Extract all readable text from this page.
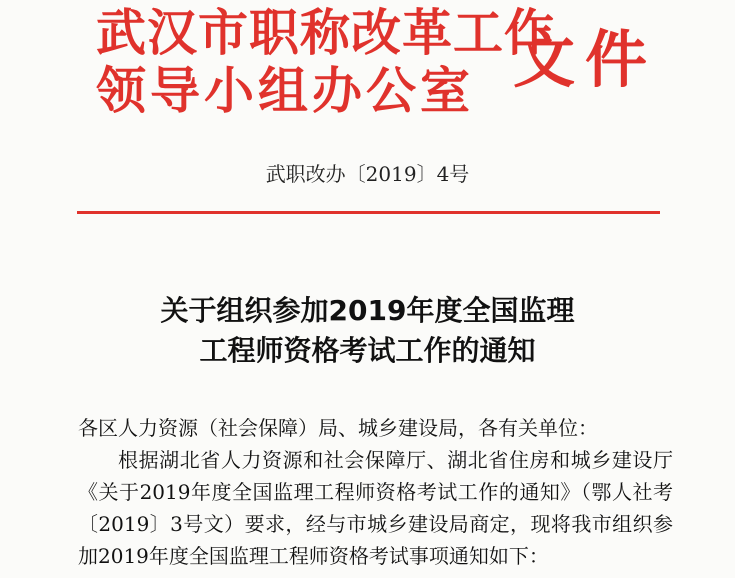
武汉市职称改革工作
领导小组办公室 文件
武职改办〔2019〕4号
关于组织参加2019年度全国监理
工程师资格考试工作的通知

各区人力资源（社会保障）局、城乡建设局，各有关单位：

根据湖北省人力资源和社会保障厅、湖北省住房和城乡建设厅《关于2019年度全国监理工程师资格考试工作的通知》（鄂人社考〔2019〕3号文）要求，经与市城乡建设局商定，现将我市组织参加2019年度全国监理工程师资格考试事项通知如下：
